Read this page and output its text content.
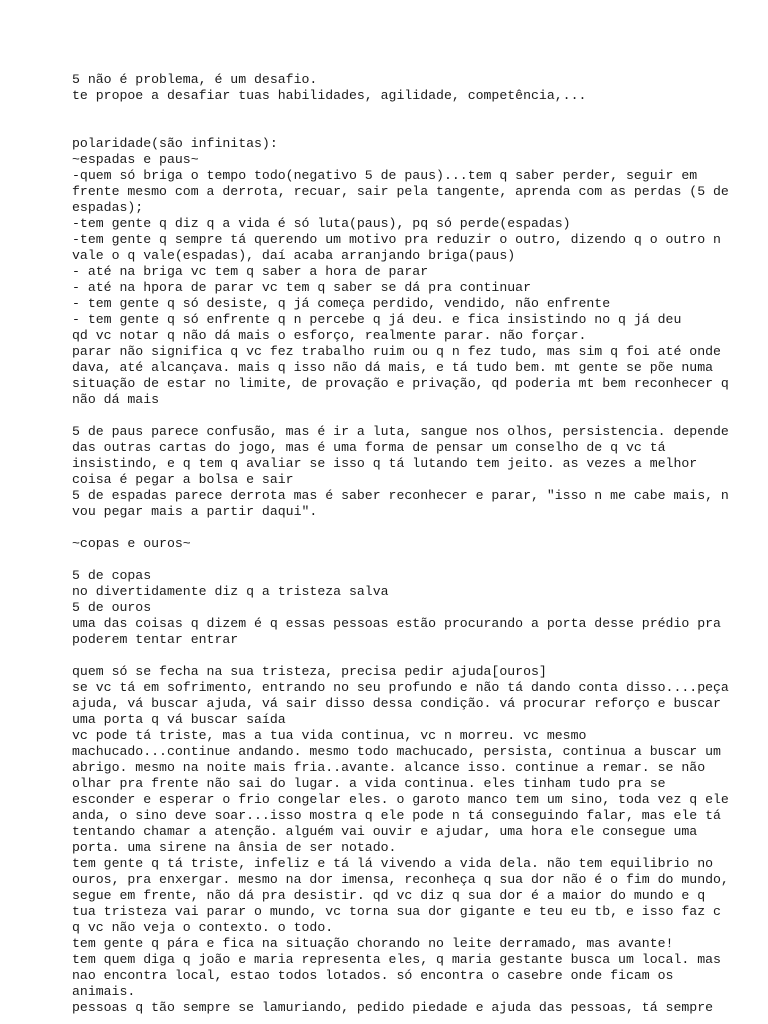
5 não é problema, é um desafio.
te propoe a desafiar tuas habilidades, agilidade, competência,...
polaridade(são infinitas):
~espadas e paus~
-quem só briga o tempo todo(negativo 5 de paus)...tem q saber perder, seguir em
frente mesmo com a derrota, recuar, sair pela tangente, aprenda com as perdas (5 de
espadas);
-tem gente q diz q a vida é só luta(paus), pq só perde(espadas)
-tem gente q sempre tá querendo um motivo pra reduzir o outro, dizendo q o outro n
vale o q vale(espadas), daí acaba arranjando briga(paus)
- até na briga vc tem q saber a hora de parar
- até na hpora de parar vc tem q saber se dá pra continuar
- tem gente q só desiste, q já começa perdido, vendido, não enfrente
- tem gente q só enfrente q n percebe q já deu. e fica insistindo no q já deu
qd vc notar q não dá mais o esforço, realmente parar. não forçar.
parar não significa q vc fez trabalho ruim ou q n fez tudo, mas sim q foi até onde
dava, até alcançava. mais q isso não dá mais, e tá tudo bem. mt gente se põe numa
situação de estar no limite, de provação e privação, qd poderia mt bem reconhecer q
não dá mais
5 de paus parece confusão, mas é ir a luta, sangue nos olhos, persistencia. depende
das outras cartas do jogo, mas é uma forma de pensar um conselho de q vc tá
insistindo, e q tem q avaliar se isso q tá lutando tem jeito. as vezes a melhor
coisa é pegar a bolsa e sair
5 de espadas parece derrota mas é saber reconhecer e parar, "isso n me cabe mais, n
vou pegar mais a partir daqui".
~copas e ouros~
5 de copas
no divertidamente diz q a tristeza salva
5 de ouros
uma das coisas q dizem é q essas pessoas estão procurando a porta desse prédio pra
poderem tentar entrar
quem só se fecha na sua tristeza, precisa pedir ajuda[ouros]
se vc tá em sofrimento, entrando no seu profundo e não tá dando conta disso....peça
ajuda, vá buscar ajuda, vá sair disso dessa condição. vá procurar reforço e buscar
uma porta q vá buscar saída
vc pode tá triste, mas a tua vida continua, vc n morreu. vc mesmo
machucado...continue andando. mesmo todo machucado, persista, continua a buscar um
abrigo. mesmo na noite mais fria..avante. alcance isso. continue a remar. se não
olhar pra frente não sai do lugar. a vida continua. eles tinham tudo pra se
esconder e esperar o frio congelar eles. o garoto manco tem um sino, toda vez q ele
anda, o sino deve soar...isso mostra q ele pode n tá conseguindo falar, mas ele tá
tentando chamar a atenção. alguém vai ouvir e ajudar, uma hora ele consegue uma
porta. uma sirene na ânsia de ser notado.
tem gente q tá triste, infeliz e tá lá vivendo a vida dela. não tem equilibrio no
ouros, pra enxergar. mesmo na dor imensa, reconheça q sua dor não é o fim do mundo,
segue em frente, não dá pra desistir. qd vc diz q sua dor é a maior do mundo e q
tua tristeza vai parar o mundo, vc torna sua dor gigante e teu eu tb, e isso faz c
q vc não veja o contexto. o todo.
tem gente q pára e fica na situação chorando no leite derramado, mas avante!
tem quem diga q joão e maria representa eles, q maria gestante busca um local. mas
nao encontra local, estao todos lotados. só encontra o casebre onde ficam os
animais.
pessoas q tão sempre se lamuriando, pedido piedade e ajuda das pessoas, tá sempre
